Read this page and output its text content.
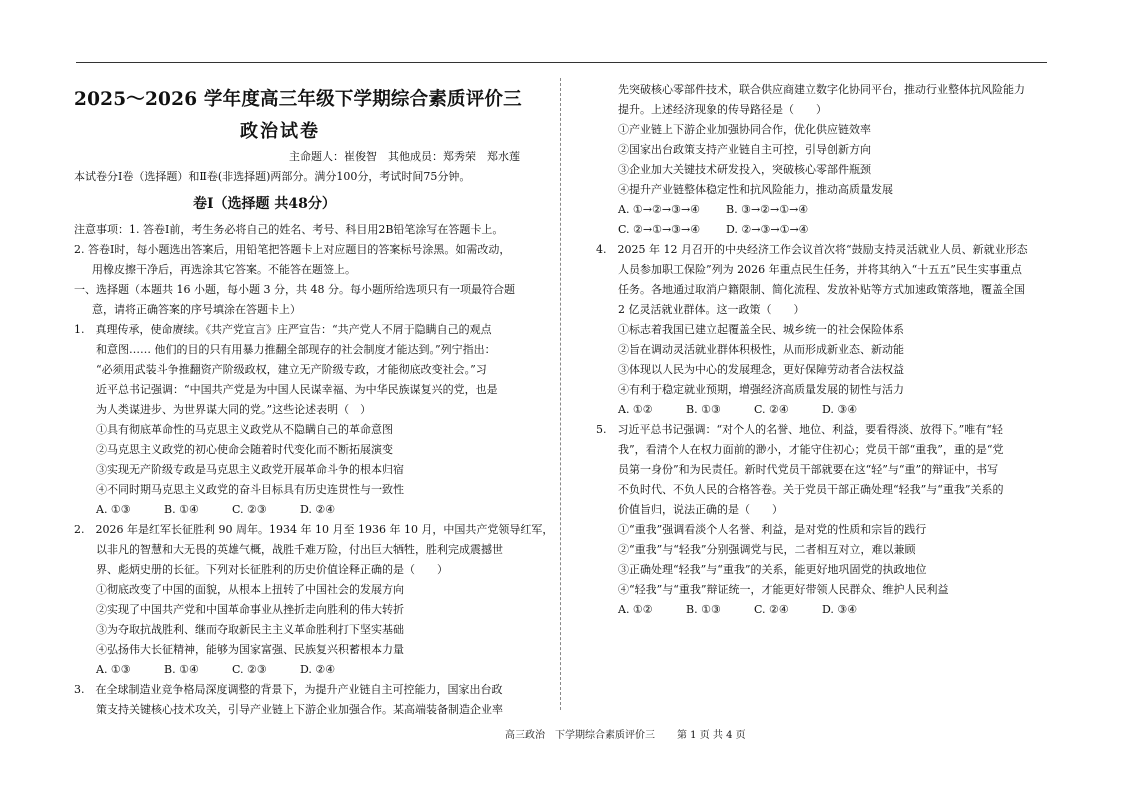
2025～2026 学年度高三年级下学期综合素质评价三
政治试卷
主命题人：崔俊智　其他成员：郑秀荣　郑水莲
本试卷分Ⅰ卷（选择题）和Ⅱ卷(非选择题)两部分。满分100分，考试时间75分钟。
卷Ⅰ（选择题 共48分）
注意事项：1. 答卷Ⅰ前，考生务必将自己的姓名、考号、科目用2B铅笔涂写在答题卡上。
2. 答卷Ⅰ时，每小题选出答案后，用铅笔把答题卡上对应题目的答案标号涂黑。如需改动，
用橡皮擦干净后，再选涂其它答案。不能答在题签上。
一、选择题（本题共 16 小题，每小题 3 分，共 48 分。每小题所给选项只有一项最符合题
意，请将正确答案的序号填涂在答题卡上）
1.　真理传承，使命赓续。《共产党宣言》庄严宣告：“共产党人不屑于隐瞒自己的观点
和意图…… 他们的目的只有用暴力推翻全部现存的社会制度才能达到。”列宁指出：
“必须用武装斗争推翻资产阶级政权，建立无产阶级专政，才能彻底改变社会。”习
近平总书记强调：“中国共产党是为中国人民谋幸福、为中华民族谋复兴的党，也是
为人类谋进步、为世界谋大同的党。”这些论述表明（　）
①具有彻底革命性的马克思主义政党从不隐瞒自己的革命意图
②马克思主义政党的初心使命会随着时代变化而不断拓展演变
③实现无产阶级专政是马克思主义政党开展革命斗争的根本归宿
④不同时期马克思主义政党的奋斗目标具有历史连贯性与一致性
A. ①③	B. ①④	C. ②③	D. ②④
2.　2026 年是红军长征胜利 90 周年。1934 年 10 月至 1936 年 10 月，中国共产党领导红军，
以非凡的智慧和大无畏的英雄气概，战胜千难万险，付出巨大牺牲，胜利完成震撼世
界、彪炳史册的长征。下列对长征胜利的历史价值诠释正确的是（　　）
①彻底改变了中国的面貌，从根本上扭转了中国社会的发展方向
②实现了中国共产党和中国革命事业从挫折走向胜利的伟大转折
③为夺取抗战胜利、继而夺取新民主主义革命胜利打下坚实基础
④弘扬伟大长征精神，能够为国家富强、民族复兴积蓄根本力量
A. ①③	B. ①④	C. ②③	D. ②④
3.　在全球制造业竞争格局深度调整的背景下，为提升产业链自主可控能力，国家出台政
策支持关键核心技术攻关，引导产业链上下游企业加强合作。某高端装备制造企业率
先突破核心零部件技术，联合供应商建立数字化协同平台，推动行业整体抗风险能力
提升。上述经济现象的传导路径是（　　）
①产业链上下游企业加强协同合作，优化供应链效率
②国家出台政策支持产业链自主可控，引导创新方向
③企业加大关键技术研发投入，突破核心零部件瓶颈
④提升产业链整体稳定性和抗风险能力，推动高质量发展
A. ①→②→③→④ B. ③→②→①→④
C. ②→①→③→④ D. ②→③→①→④
4.　2025 年 12 月召开的中央经济工作会议首次将“鼓励支持灵活就业人员、新就业形态
人员参加职工保险”列为 2026 年重点民生任务，并将其纳入“十五五”民生实事重点
任务。各地通过取消户籍限制、简化流程、发放补贴等方式加速政策落地，覆盖全国
2 亿灵活就业群体。这一政策（　　）
①标志着我国已建立起覆盖全民、城乡统一的社会保险体系
②旨在调动灵活就业群体积极性，从而形成新业态、新动能
③体现以人民为中心的发展理念，更好保障劳动者合法权益
④有利于稳定就业预期，增强经济高质量发展的韧性与活力
A. ①②	B. ①③	C. ②④	D. ③④
5.　习近平总书记强调：“对个人的名誉、地位、利益，要看得淡、放得下。”唯有“轻
我”，看清个人在权力面前的渺小，才能守住初心；党员干部“重我”，重的是“党
员第一身份”和为民责任。新时代党员干部就要在这“轻”与“重”的辩证中，书写
不负时代、不负人民的合格答卷。关于党员干部正确处理“轻我”与“重我”关系的
价值旨归，说法正确的是（　　）
①“重我”强调看淡个人名誉、利益，是对党的性质和宗旨的践行
②“重我”与“轻我”分别强调党与民，二者相互对立，难以兼顾
③正确处理“轻我”与“重我”的关系，能更好地巩固党的执政地位
④“轻我”与“重我”辩证统一，才能更好带领人民群众、维护人民利益
A. ①②	B. ①③	C. ②④	D. ③④
高三政治　下学期综合素质评价三 第 1 页 共 4 页
